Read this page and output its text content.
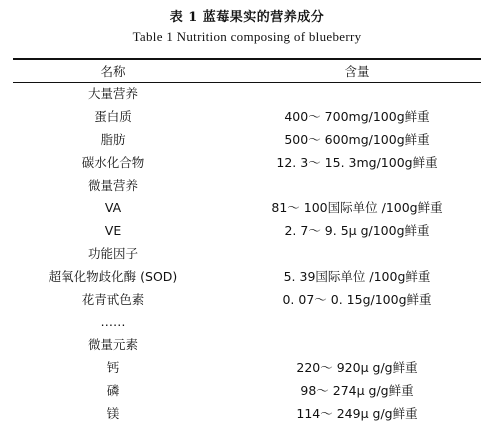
表 1 蓝莓果实的营养成分
Table 1 Nutrition composing of blueberry
名称	含量
大量营养
蛋白质	400～ 700mg/100g鲜重
脂肪	500～ 600mg/100g鲜重
碳水化合物	12. 3～ 15. 3mg/100g鲜重
微量营养
VA	81～ 100国际单位 /100g鲜重
VE	2. 7～ 9. 5μ g/100g鲜重
功能因子
超氧化物歧化酶 (SOD)	5. 39国际单位 /100g鲜重
花青甙色素	0. 07～ 0. 15g/100g鲜重
……
微量元素
钙	220～ 920μ g/g鲜重
磷	98～ 274μ g/g鲜重
镁	114～ 249μ g/g鲜重
